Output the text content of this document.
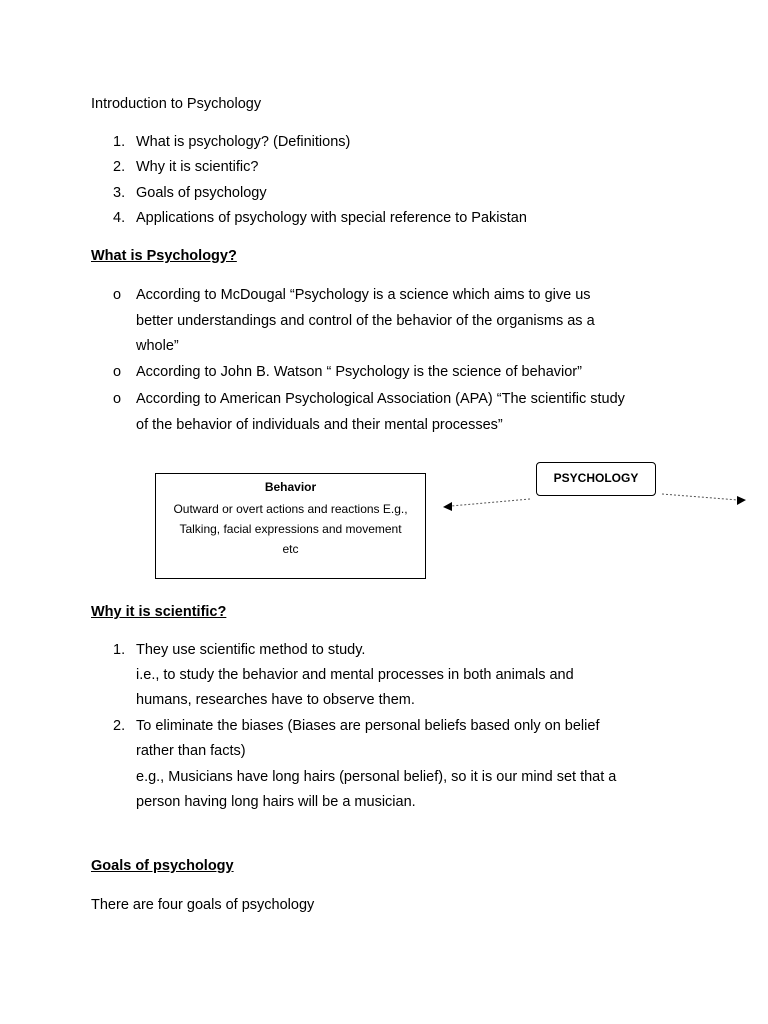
Introduction to Psychology
1. What is psychology? (Definitions)
2. Why it is scientific?
3. Goals of psychology
4. Applications of psychology with special reference to Pakistan
What is Psychology?
o According to McDougal “Psychology is a science which aims to give us
better understandings and control of the behavior of the organisms as a
whole”
o According to John B. Watson “ Psychology is the science of behavior”
o According to American Psychological Association (APA) “The scientific study
of the behavior of individuals and their mental processes”
Behavior
Outward or overt actions and reactions E.g.,
Talking, facial expressions and movement
etc
PSYCHOLOGY
Why it is scientific?
1. They use scientific method to study.
i.e., to study the behavior and mental processes in both animals and
humans, researches have to observe them.
2. To eliminate the biases (Biases are personal beliefs based only on belief
rather than facts)
e.g., Musicians have long hairs (personal belief), so it is our mind set that a
person having long hairs will be a musician.
Goals of psychology
There are four goals of psychology
